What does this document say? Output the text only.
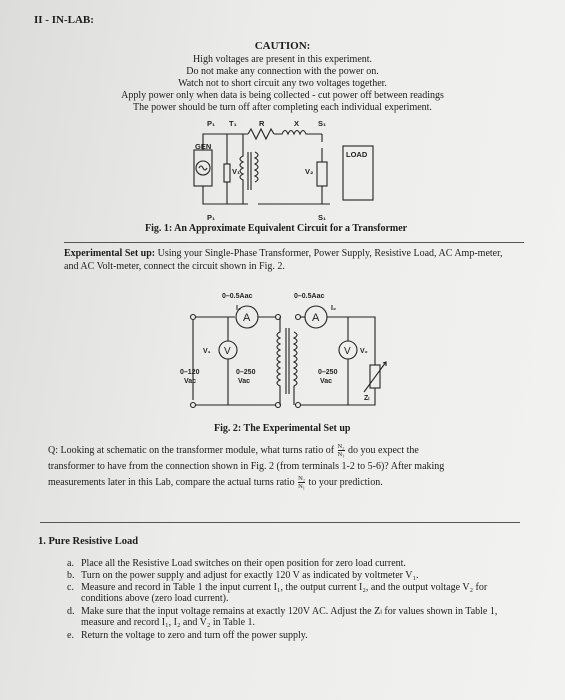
II - IN-LAB:
CAUTION:
High voltages are present in this experiment.
Do not make any connection with the power on.
Watch not to short circuit any two voltages together.
Apply power only when data is being collected - cut power off between readings
The power should be turn off after completing each individual experiment.
P₁ T₁	R	X	S₁
GEN
V₁	V₂
LOAD
P₁	S₁
Fig. 1: An Approximate Equivalent Circuit for a Transformer
Experimental Set up: Using your Single-Phase Transformer, Power Supply, Resistive Load, AC Amp-meter, and AC Volt-meter, connect the circuit shown in Fig. 2.
0–0.5Aac
I₁
0–0.5Aac
I₂
V₁	V₂
0–120
Vac
0–250
Vac
0–250
Vac
Zₗ
A	A
V	V
Fig. 2: The Experimental Set up
Q: Looking at schematic on the transformer module, what turns ratio of $\frac{\text{N₂}}{\text{N₁}}$ do you expect the
transformer to have from the connection shown in Fig. 2 (from terminals 1-2 to 5-6)? After making
measurements later in this Lab, compare the actual turns ratio $\frac{\text{N₂}}{\text{N₁}}$ to your prediction.
1. Pure Resistive Load
a. Place all the Resistive Load switches on their open position for zero load current.
b. Turn on the power supply and adjust for exactly 120 V as indicated by voltmeter V₁.
c. Measure and record in Table 1 the input current I₁, the output current I₂, and the output voltage V₂ for conditions above (zero load current).
d. Make sure that the input voltage remains at exactly 120V AC. Adjust the Zₗ for values shown in Table 1, measure and record I₁, I₂ and V₂ in Table 1.
e. Return the voltage to zero and turn off the power supply.
